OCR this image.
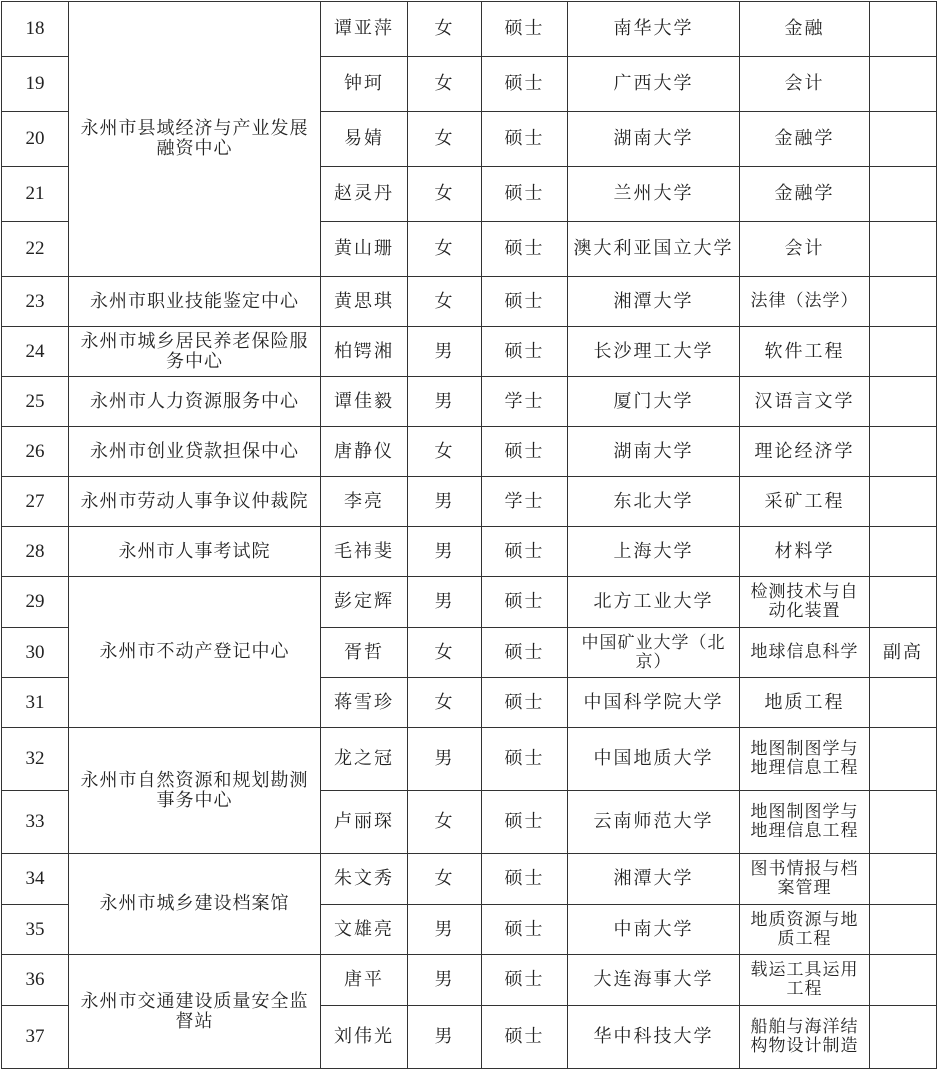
18	永州市县域经济与产业发展融资中心	谭亚萍	女	硕士	南华大学	金融	
19		钟珂	女	硕士	广西大学	会计	
20		易婧	女	硕士	湖南大学	金融学	
21		赵灵丹	女	硕士	兰州大学	金融学	
22		黄山珊	女	硕士	澳大利亚国立大学	会计	
23	永州市职业技能鉴定中心	黄思琪	女	硕士	湘潭大学	法律（法学）	
24	永州市城乡居民养老保险服务中心	柏锷湘	男	硕士	长沙理工大学	软件工程	
25	永州市人力资源服务中心	谭佳毅	男	学士	厦门大学	汉语言文学	
26	永州市创业贷款担保中心	唐静仪	女	硕士	湖南大学	理论经济学	
27	永州市劳动人事争议仲裁院	李亮	男	学士	东北大学	采矿工程	
28	永州市人事考试院	毛祎斐	男	硕士	上海大学	材料学	
29	永州市不动产登记中心	彭定辉	男	硕士	北方工业大学	检测技术与自动化装置	
30		胥哲	女	硕士	中国矿业大学（北京）	地球信息科学	副高
31		蒋雪珍	女	硕士	中国科学院大学	地质工程	
32	永州市自然资源和规划勘测事务中心	龙之冠	男	硕士	中国地质大学	地图制图学与地理信息工程	
33		卢丽琛	女	硕士	云南师范大学	地图制图学与地理信息工程	
34	永州市城乡建设档案馆	朱文秀	女	硕士	湘潭大学	图书情报与档案管理	
35		文雄亮	男	硕士	中南大学	地质资源与地质工程	
36	永州市交通建设质量安全监督站	唐平	男	硕士	大连海事大学	载运工具运用工程	
37		刘伟光	男	硕士	华中科技大学	船舶与海洋结构物设计制造	
